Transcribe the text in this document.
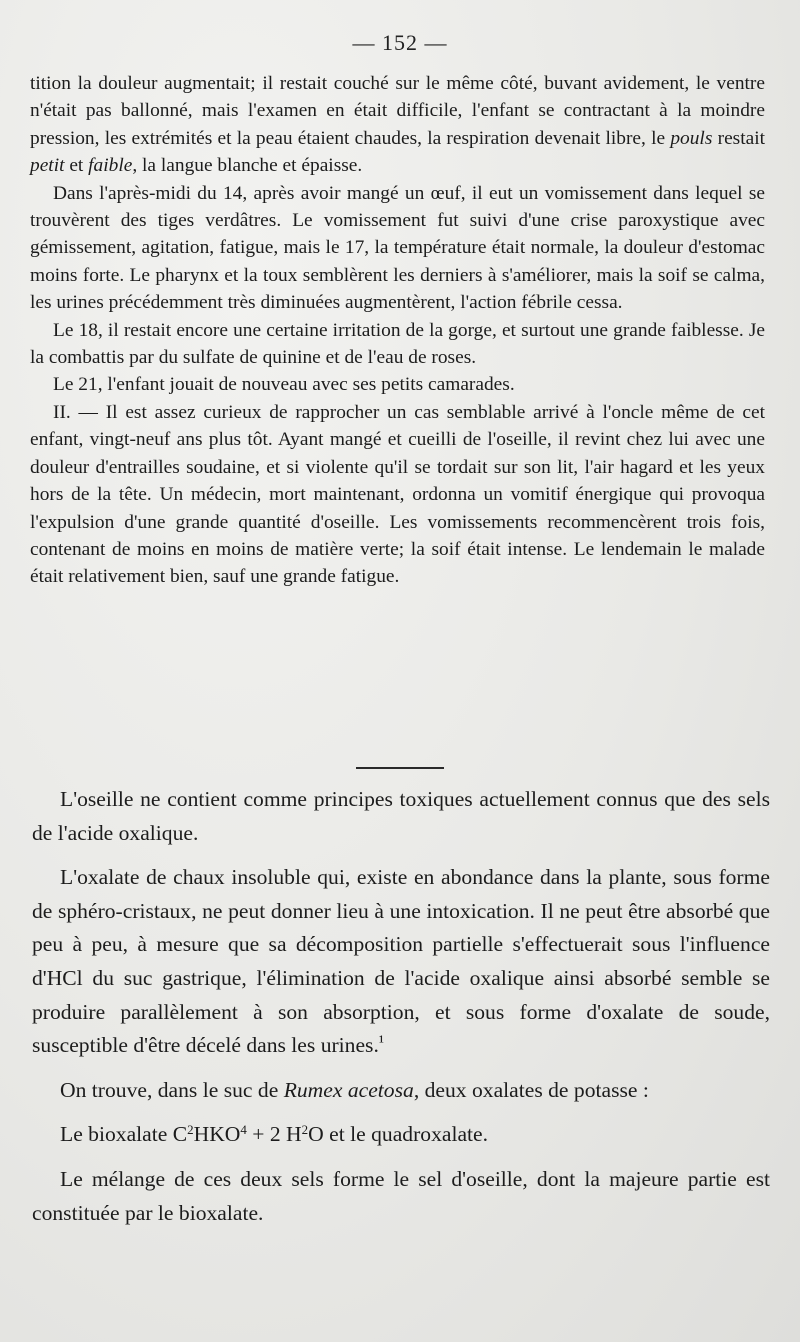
— 152 —

tition la douleur augmentait; il restait couché sur le même côté, buvant avidement, le ventre n'était pas ballonné, mais l'examen en était difficile, l'enfant se contractant à la moindre pression, les extrémités et la peau étaient chaudes, la respiration devenait libre, le pouls restait petit et faible, la langue blanche et épaisse.

Dans l'après-midi du 14, après avoir mangé un œuf, il eut un vomissement dans lequel se trouvèrent des tiges verdâtres. Le vomissement fut suivi d'une crise paroxystique avec gémissement, agitation, fatigue, mais le 17, la température était normale, la douleur d'estomac moins forte. Le pharynx et la toux semblèrent les derniers à s'améliorer, mais la soif se calma, les urines précédemment très diminuées augmentèrent, l'action fébrile cessa.

Le 18, il restait encore une certaine irritation de la gorge, et surtout une grande faiblesse. Je la combattis par du sulfate de quinine et de l'eau de roses.

Le 21, l'enfant jouait de nouveau avec ses petits camarades.

II. — Il est assez curieux de rapprocher un cas semblable arrivé à l'oncle même de cet enfant, vingt-neuf ans plus tôt. Ayant mangé et cueilli de l'oseille, il revint chez lui avec une douleur d'entrailles soudaine, et si violente qu'il se tordait sur son lit, l'air hagard et les yeux hors de la tête. Un médecin, mort maintenant, ordonna un vomitif énergique qui provoqua l'expulsion d'une grande quantité d'oseille. Les vomissements recommencèrent trois fois, contenant de moins en moins de matière verte; la soif était intense. Le lendemain le malade était relativement bien, sauf une grande fatigue.

L'oseille ne contient comme principes toxiques actuellement connus que des sels de l'acide oxalique.

L'oxalate de chaux insoluble qui, existe en abondance dans la plante, sous forme de sphéro-cristaux, ne peut donner lieu à une intoxication. Il ne peut être absorbé que peu à peu, à mesure que sa décomposition partielle s'effectuerait sous l'influence d'HCl du suc gastrique, l'élimination de l'acide oxalique ainsi absorbé semble se produire parallèlement à son absorption, et sous forme d'oxalate de soude, susceptible d'être décelé dans les urines.$^{^1}$

On trouve, dans le suc de Rumex acetosa, deux oxalates de potasse :

Le bioxalate $C^2HKO^4 + 2$ $H^2O$ et le quadroxalate.

Le mélange de ces deux sels forme le sel d'oseille, dont la majeure partie est constituée par le bioxalate.
